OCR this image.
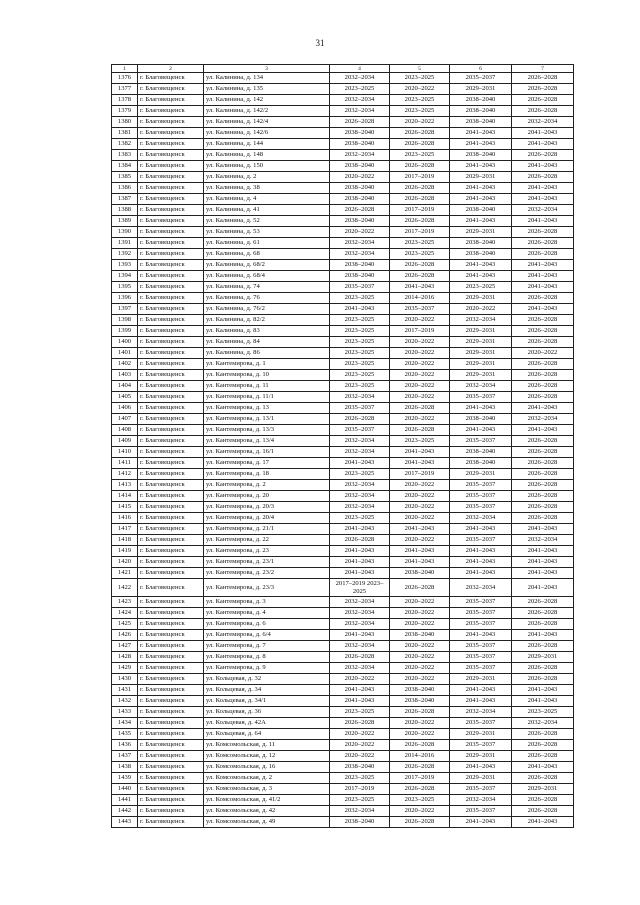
31
1	2	3	4	5	6	7
1376	г. Благовещенск	ул. Калинина, д. 134	2032–2034	2023–2025	2035–2037	2026–2028
1377	г. Благовещенск	ул. Калинина, д. 135	2023–2025	2020–2022	2029–2031	2026–2028
1378	г. Благовещенск	ул. Калинина, д. 142	2032–2034	2023–2025	2038–2040	2026–2028
1379	г. Благовещенск	ул. Калинина, д. 142/2	2032–2034	2023–2025	2038–2040	2026–2028
1380	г. Благовещенск	ул. Калинина, д. 142/4	2026–2028	2020–2022	2038–2040	2032–2034
1381	г. Благовещенск	ул. Калинина, д. 142/6	2038–2040	2026–2028	2041–2043	2041–2043
1382	г. Благовещенск	ул. Калинина, д. 144	2038–2040	2026–2028	2041–2043	2041–2043
1383	г. Благовещенск	ул. Калинина, д. 148	2032–2034	2023–2025	2038–2040	2026–2028
1384	г. Благовещенск	ул. Калинина, д. 150	2038–2040	2026–2028	2041–2043	2041–2043
1385	г. Благовещенск	ул. Калинина, д. 2	2020–2022	2017–2019	2029–2031	2026–2028
1386	г. Благовещенск	ул. Калинина, д. 38	2038–2040	2026–2028	2041–2043	2041–2043
1387	г. Благовещенск	ул. Калинина, д. 4	2038–2040	2026–2028	2041–2043	2041–2043
1388	г. Благовещенск	ул. Калинина, д. 41	2026–2028	2017–2019	2038–2040	2032–2034
1389	г. Благовещенск	ул. Калинина, д. 52	2038–2040	2026–2028	2041–2043	2041–2043
1390	г. Благовещенск	ул. Калинина, д. 53	2020–2022	2017–2019	2029–2031	2026–2028
1391	г. Благовещенск	ул. Калинина, д. 61	2032–2034	2023–2025	2038–2040	2026–2028
1392	г. Благовещенск	ул. Калинина, д. 68	2032–2034	2023–2025	2038–2040	2026–2028
1393	г. Благовещенск	ул. Калинина, д. 68/2	2038–2040	2026–2028	2041–2043	2041–2043
1394	г. Благовещенск	ул. Калинина, д. 68/4	2038–2040	2026–2028	2041–2043	2041–2043
1395	г. Благовещенск	ул. Калинина, д. 74	2035–2037	2041–2043	2023–2025	2041–2043
1396	г. Благовещенск	ул. Калинина, д. 76	2023–2025	2014–2016	2029–2031	2026–2028
1397	г. Благовещенск	ул. Калинина, д. 76/2	2041–2043	2035–2037	2020–2022	2041–2043
1398	г. Благовещенск	ул. Калинина, д. 82/2	2023–2025	2020–2022	2032–2034	2026–2028
1399	г. Благовещенск	ул. Калинина, д. 83	2023–2025	2017–2019	2029–2031	2026–2028
1400	г. Благовещенск	ул. Калинина, д. 84	2023–2025	2020–2022	2029–2031	2026–2028
1401	г. Благовещенск	ул. Калинина, д. 86	2023–2025	2020–2022	2029–2031	2020–2022
1402	г. Благовещенск	ул. Кантемирова, д. 1	2023–2025	2020–2022	2029–2031	2026–2028
1403	г. Благовещенск	ул. Кантемирова, д. 10	2023–2025	2020–2022	2029–2031	2026–2028
1404	г. Благовещенск	ул. Кантемирова, д. 11	2023–2025	2020–2022	2032–2034	2026–2028
1405	г. Благовещенск	ул. Кантемирова, д. 11/1	2032–2034	2020–2022	2035–2037	2026–2028
1406	г. Благовещенск	ул. Кантемирова, д. 13	2035–2037	2026–2028	2041–2043	2041–2043
1407	г. Благовещенск	ул. Кантемирова, д. 13/1	2026–2028	2020–2022	2038–2040	2032–2034
1408	г. Благовещенск	ул. Кантемирова, д. 13/3	2035–2037	2026–2028	2041–2043	2041–2043
1409	г. Благовещенск	ул. Кантемирова, д. 13/4	2032–2034	2023–2025	2035–2037	2026–2028
1410	г. Благовещенск	ул. Кантемирова, д. 16/1	2032–2034	2041–2043	2038–2040	2026–2028
1411	г. Благовещенск	ул. Кантемирова, д. 17	2041–2043	2041–2043	2038–2040	2026–2028
1412	г. Благовещенск	ул. Кантемирова, д. 18	2023–2025	2017–2019	2029–2031	2026–2028
1413	г. Благовещенск	ул. Кантемирова, д. 2	2032–2034	2020–2022	2035–2037	2026–2028
1414	г. Благовещенск	ул. Кантемирова, д. 20	2032–2034	2020–2022	2035–2037	2026–2028
1415	г. Благовещенск	ул. Кантемирова, д. 20/3	2032–2034	2020–2022	2035–2037	2026–2028
1416	г. Благовещенск	ул. Кантемирова, д. 20/4	2023–2025	2020–2022	2032–2034	2026–2028
1417	г. Благовещенск	ул. Кантемирова, д. 21/1	2041–2043	2041–2043	2041–2043	2041–2043
1418	г. Благовещенск	ул. Кантемирова, д. 22	2026–2028	2020–2022	2035–2037	2032–2034
1419	г. Благовещенск	ул. Кантемирова, д. 23	2041–2043	2041–2043	2041–2043	2041–2043
1420	г. Благовещенск	ул. Кантемирова, д. 23/1	2041–2043	2041–2043	2041–2043	2041–2043
1421	г. Благовещенск	ул. Кантемирова, д. 23/2	2041–2043	2038–2040	2041–2043	2041–2043
1422	г. Благовещенск	ул. Кантемирова, д. 23/3	2017–2019 2023–2025	2026–2028	2032–2034	2041–2043
1423	г. Благовещенск	ул. Кантемирова, д. 3	2032–2034	2020–2022	2035–2037	2026–2028
1424	г. Благовещенск	ул. Кантемирова, д. 4	2032–2034	2020–2022	2035–2037	2026–2028
1425	г. Благовещенск	ул. Кантемирова, д. 6	2032–2034	2020–2022	2035–2037	2026–2028
1426	г. Благовещенск	ул. Кантемирова, д. 6/4	2041–2043	2038–2040	2041–2043	2041–2043
1427	г. Благовещенск	ул. Кантемирова, д. 7	2032–2034	2020–2022	2035–2037	2026–2028
1428	г. Благовещенск	ул. Кантемирова, д. 8	2026–2028	2020–2022	2035–2037	2029–2031
1429	г. Благовещенск	ул. Кантемирова, д. 9	2032–2034	2020–2022	2035–2037	2026–2028
1430	г. Благовещенск	ул. Кольцевая, д. 32	2020–2022	2020–2022	2029–2031	2026–2028
1431	г. Благовещенск	ул. Кольцевая, д. 34	2041–2043	2038–2040	2041–2043	2041–2043
1432	г. Благовещенск	ул. Кольцевая, д. 34/1	2041–2043	2038–2040	2041–2043	2041–2043
1433	г. Благовещенск	ул. Кольцевая, д. 36	2023–2025	2026–2028	2032–2034	2023–2025
1434	г. Благовещенск	ул. Кольцевая, д. 42А	2026–2028	2020–2022	2035–2037	2032–2034
1435	г. Благовещенск	ул. Кольцевая, д. 64	2020–2022	2020–2022	2029–2031	2026–2028
1436	г. Благовещенск	ул. Комсомольская, д. 11	2020–2022	2026–2028	2035–2037	2026–2028
1437	г. Благовещенск	ул. Комсомольская, д. 12	2020–2022	2014–2016	2029–2031	2026–2028
1438	г. Благовещенск	ул. Комсомольская, д. 16	2038–2040	2026–2028	2041–2043	2041–2043
1439	г. Благовещенск	ул. Комсомольская, д. 2	2023–2025	2017–2019	2029–2031	2026–2028
1440	г. Благовещенск	ул. Комсомольская, д. 3	2017–2019	2026–2028	2035–2037	2029–2031
1441	г. Благовещенск	ул. Комсомольская, д. 41/2	2023–2025	2023–2025	2032–2034	2026–2028
1442	г. Благовещенск	ул. Комсомольская, д. 42	2032–2034	2020–2022	2035–2037	2026–2028
1443	г. Благовещенск	ул. Комсомольская, д. 49	2038–2040	2026–2028	2041–2043	2041–2043
